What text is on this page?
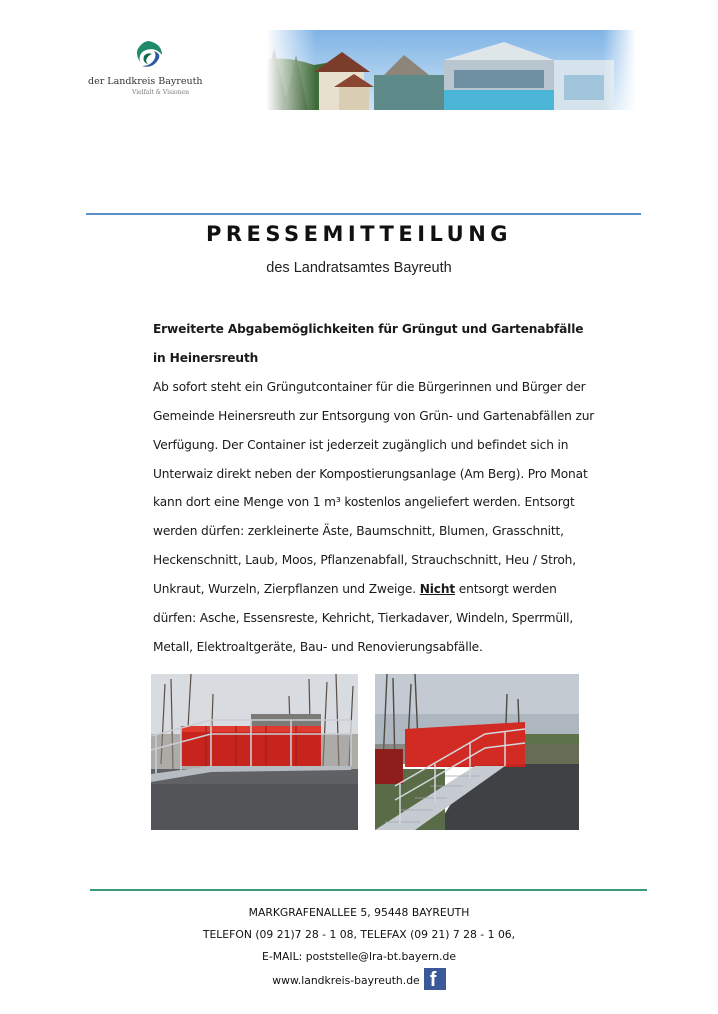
der Landkreis Bayreuth
Vielfalt & Visionen
PRESSEMITTEILUNG
des Landratsamtes Bayreuth
Erweiterte Abgabemöglichkeiten für Grüngut und Gartenabfälle
in Heinersreuth
Ab sofort steht ein Grüngutcontainer für die Bürgerinnen und Bürger der
Gemeinde Heinersreuth zur Entsorgung von Grün- und Gartenabfällen zur
Verfügung. Der Container ist jederzeit zugänglich und befindet sich in
Unterwaiz direkt neben der Kompostierungsanlage (Am Berg). Pro Monat
kann dort eine Menge von 1 m³ kostenlos angeliefert werden. Entsorgt
werden dürfen: zerkleinerte Äste, Baumschnitt, Blumen, Grasschnitt,
Heckenschnitt, Laub, Moos, Pflanzenabfall, Strauchschnitt, Heu / Stroh,
Unkraut, Wurzeln, Zierpflanzen und Zweige. Nicht entsorgt werden
dürfen: Asche, Essensreste, Kehricht, Tierkadaver, Windeln, Sperrmüll,
Metall, Elektroaltgeräte, Bau- und Renovierungsabfälle.
MARKGRAFENALLEE 5, 95448 BAYREUTH
TELEFON (09 21)7 28 - 1 08, TELEFAX (09 21) 7 28 - 1 06,
E-MAIL: poststelle@lra-bt.bayern.de
www.landkreis-bayreuth.de f
